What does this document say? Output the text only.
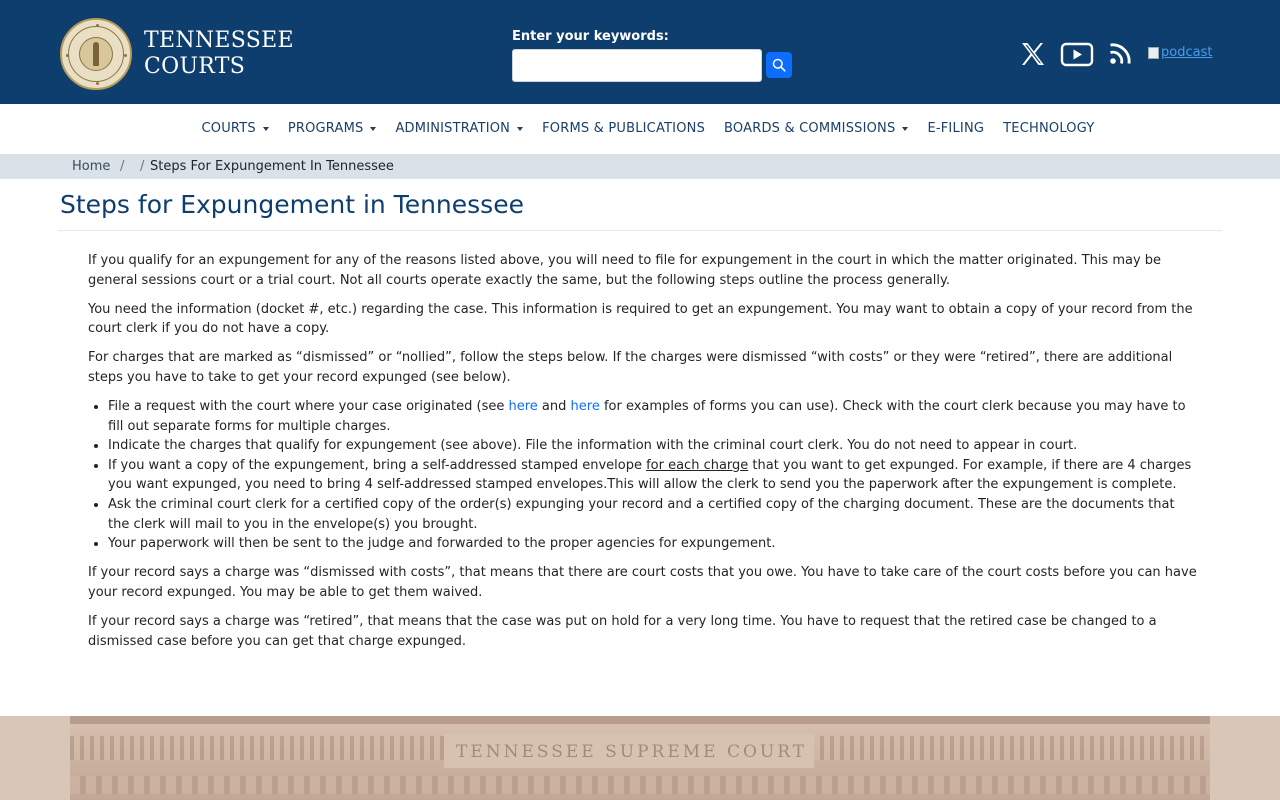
TENNESSEE
COURTS
Enter your keywords:
podcast
COURTS PROGRAMS ADMINISTRATION FORMS & PUBLICATIONS BOARDS & COMMISSIONS E-FILING TECHNOLOGY
Home / / Steps For Expungement In Tennessee
Steps for Expungement in Tennessee

If you qualify for an expungement for any of the reasons listed above, you will need to file for expungement in the court in which the matter originated. This may be general sessions court or a trial court. Not all courts operate exactly the same, but the following steps outline the process generally.

You need the information (docket #, etc.) regarding the case. This information is required to get an expungement. You may want to obtain a copy of your record from the court clerk if you do not have a copy.

For charges that are marked as “dismissed” or “nollied”, follow the steps below. If the charges were dismissed “with costs” or they were “retired”, there are additional steps you have to take to get your record expunged (see below).

• File a request with the court where your case originated (see here and here for examples of forms you can use). Check with the court clerk because you may have to fill out separate forms for multiple charges.
• Indicate the charges that qualify for expungement (see above). File the information with the criminal court clerk. You do not need to appear in court.
• If you want a copy of the expungement, bring a self-addressed stamped envelope for each charge that you want to get expunged. For example, if there are 4 charges you want expunged, you need to bring 4 self-addressed stamped envelopes.This will allow the clerk to send you the paperwork after the expungement is complete.
• Ask the criminal court clerk for a certified copy of the order(s) expunging your record and a certified copy of the charging document. These are the documents that the clerk will mail to you in the envelope(s) you brought.
• Your paperwork will then be sent to the judge and forwarded to the proper agencies for expungement.

If your record says a charge was “dismissed with costs”, that means that there are court costs that you owe. You have to take care of the court costs before you can have your record expunged. You may be able to get them waived.

If your record says a charge was “retired”, that means that the case was put on hold for a very long time. You have to request that the retired case be changed to a dismissed case before you can get that charge expunged.

TENNESSEE SUPREME COURT
